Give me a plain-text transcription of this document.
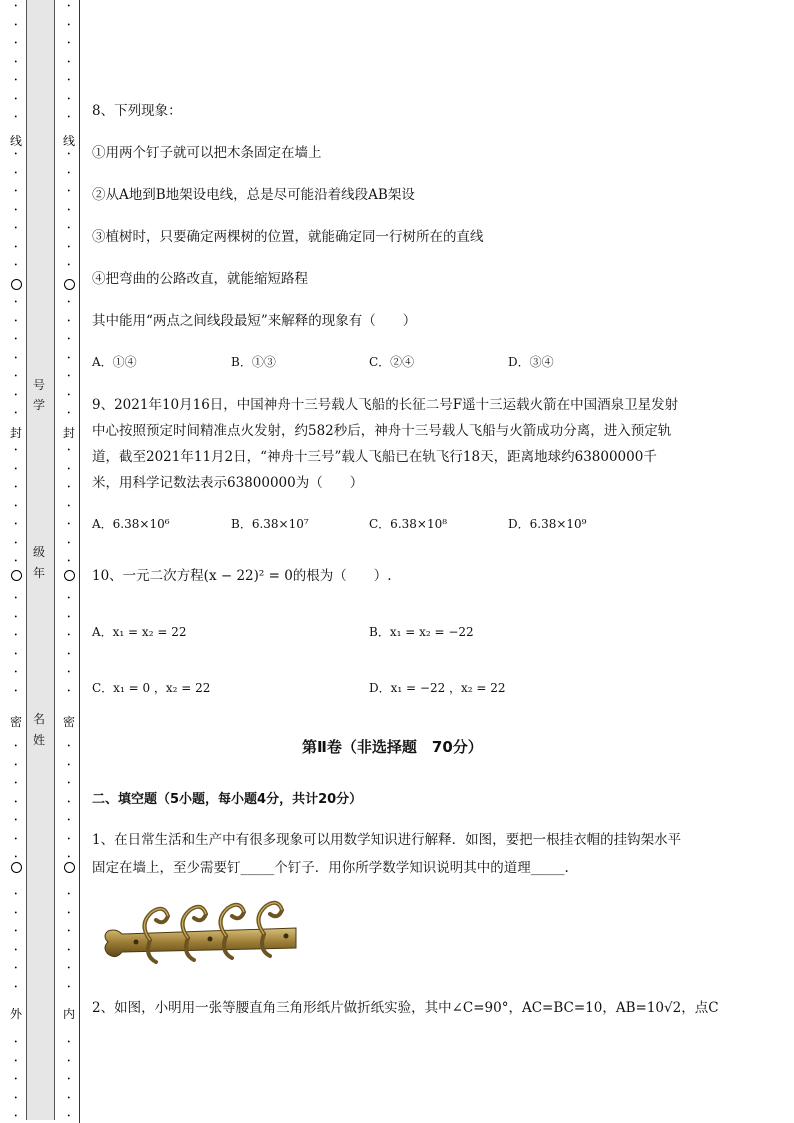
•
•
•
•
•
•
•
•
•
•
•
•
•
•
•
•
•
•
•
•
•
•
•
•
•
•
•
•
•
•
•
•
•
•
•
•
•
•
•
•
•
•
•
•
•
•
•
•
•
•
•
•
•
•
•
•
•
•
•
•
•
•
•
•
•
•
•
•
•
•
•
•
•
•
•
•
•
•
•
•
•
•
•
•
•
•
•
•
•
•
•
•
•
•
•
•
•
•
•
•
•
•
•
•
线
封
密
外
号
学
级
年
名
姓
线
封
密
内
8、下列现象：
①用两个钉子就可以把木条固定在墙上
②从A地到B地架设电线，总是尽可能沿着线段AB架设
③植树时，只要确定两棵树的位置，就能确定同一行树所在的直线
④把弯曲的公路改直，就能缩短路程
其中能用“两点之间线段最短”来解释的现象有（　　）
A．①④	B．①③	C．②④	D．③④
9、2021年10月16日，中国神舟十三号载人飞船的长征二号F遥十三运载火箭在中国酒泉卫星发射
中心按照预定时间精准点火发射，约582秒后，神舟十三号载人飞船与火箭成功分离，进入预定轨
道，截至2021年11月2日，“神舟十三号”载人飞船已在轨飞行18天，距离地球约63800000千
米，用科学记数法表示63800000为（　　）
A．6.38×10⁶	B．6.38×10⁷	C．6.38×10⁸	D．6.38×10⁹
10、一元二次方程(x − 22)² = 0的根为（　　）.
A．x₁ = x₂ = 22	B．x₁ = x₂ = −22
C．x₁ = 0 ，x₂ = 22	D．x₁ = −22 ，x₂ = 22
第Ⅱ卷（非选择题　70分）
二、填空题（5小题，每小题4分，共计20分）
1、在日常生活和生产中有很多现象可以用数学知识进行解释．如图，要把一根挂衣帽的挂钩架水平
固定在墙上，至少需要钉_____个钉子．用你所学数学知识说明其中的道理_____.
2、如图，小明用一张等腰直角三角形纸片做折纸实验，其中∠C=90°，AC=BC=10，AB=10√2，点C
